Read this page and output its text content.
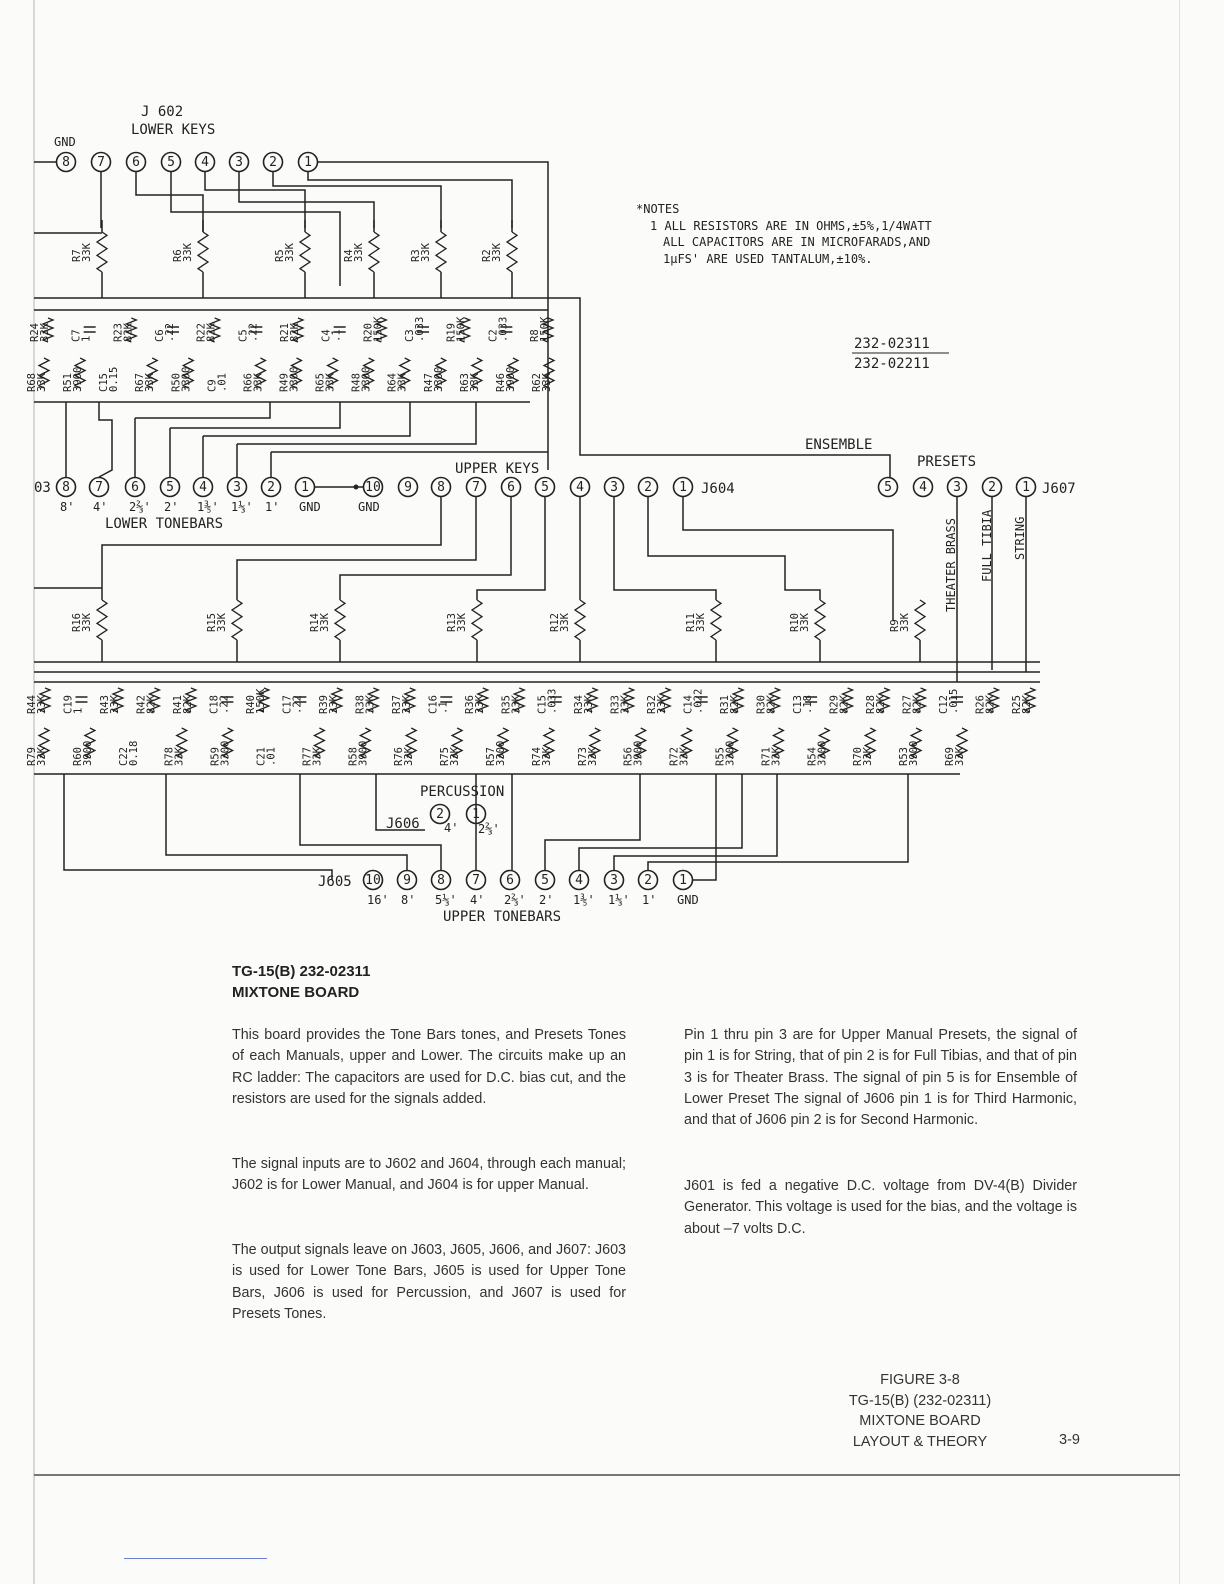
8 7 6 5 4 3 2 1
8 7 6 5 4 3 2 1	10 9 8 7 6 5 4 3 2 1	5 4 3 2 1
2 1
10 9 8 7 6 5 4 3 2 1
J 602
LOWER KEYS
GND
R7
33K	R6
33K	R5
33K	R4
33K	R3
33K	R2
33K
R24
33K C7
1 R23
82K C6
.22 R22
82K C5
.22 R21
82K C4
.1 R20
150K C3
.033 R19
150K C2
.033 R8
150K
R68
33K R51
3900 C15
0.15 R67
33K R50
3300 C9
.01 R66
33K R49
3300 R65
33K R48
3300 R64
33K R47
3300 R63
33K R46
3900 R62
33K
03
8' 4' 2⅔' 2' 1⅗' 1⅓' 1' GND
LOWER TONEBARS
UPPER KEYS
J604
GND
ENSEMBLE
PRESETS
J607
THEATER BRASS FULL TIBIA STRING
R16
33K	R15
33K	R14
33K	R13
33K	R12
33K	R11
33K	R10
33K	R9
33K
R44
33K C19
1 R43
33K R42
82K R41
82K C18
.22 R40
150K C17
.22 R39
33K R38
33K R37
33K C16
.1 R36
33K R35
33K C15
.033 R34
33K R33
33K R32
33K C14
.022 R31
82K R30
82K C13
.18 R29
82K R28
82K R27
82K C12
.015 R26
82K R25
82K
R79
33K R60
3900 C22
0.18 R78
33K R59
3300 C21
.01 R77
33K R58
3900 R76
33K R75
33K R57
3300 R74
33K R73
33K R56
3900 R72
33K R55
3300 R71
33K R54
3300 R70
33K R53
3900 R69
33K
PERCUSSION
J606 4' 2⅔'
J605
16' 8' 5⅓' 4' 2⅔' 2' 1⅗' 1⅓' 1' GND
UPPER TONEBARS
*NOTES
1 ALL RESISTORS ARE IN OHMS,±5%,1/4WATT
ALL CAPACITORS ARE IN MICROFARADS,AND
1μFS' ARE USED TANTALUM,±10%.
232-02311
232-02211
TG-15(B) 232-02311
MIXTONE BOARD

This board provides the Tone Bars tones, and Presets Tones of each Manuals, upper and Lower. The circuits make up an RC ladder: The capacitors are used for D.C. bias cut, and the resistors are used for the signals added.

The signal inputs are to J602 and J604, through each manual; J602 is for Lower Manual, and J604 is for upper Manual.

The output signals leave on J603, J605, J606, and J607: J603 is used for Lower Tone Bars, J605 is used for Upper Tone Bars, J606 is used for Percussion, and J607 is used for Presets Tones.

Pin 1 thru pin 3 are for Upper Manual Presets, the signal of pin 1 is for String, that of pin 2 is for Full Tibias, and that of pin 3 is for Theater Brass. The signal of pin 5 is for Ensemble of Lower Preset The signal of J606 pin 1 is for Third Harmonic, and that of J606 pin 2 is for Second Harmonic.

J601 is fed a negative D.C. voltage from DV-4(B) Divider Generator. This voltage is used for the bias, and the voltage is about –7 volts D.C.

FIGURE 3-8
TG-15(B) (232-02311)
MIXTONE BOARD
LAYOUT & THEORY	3-9
